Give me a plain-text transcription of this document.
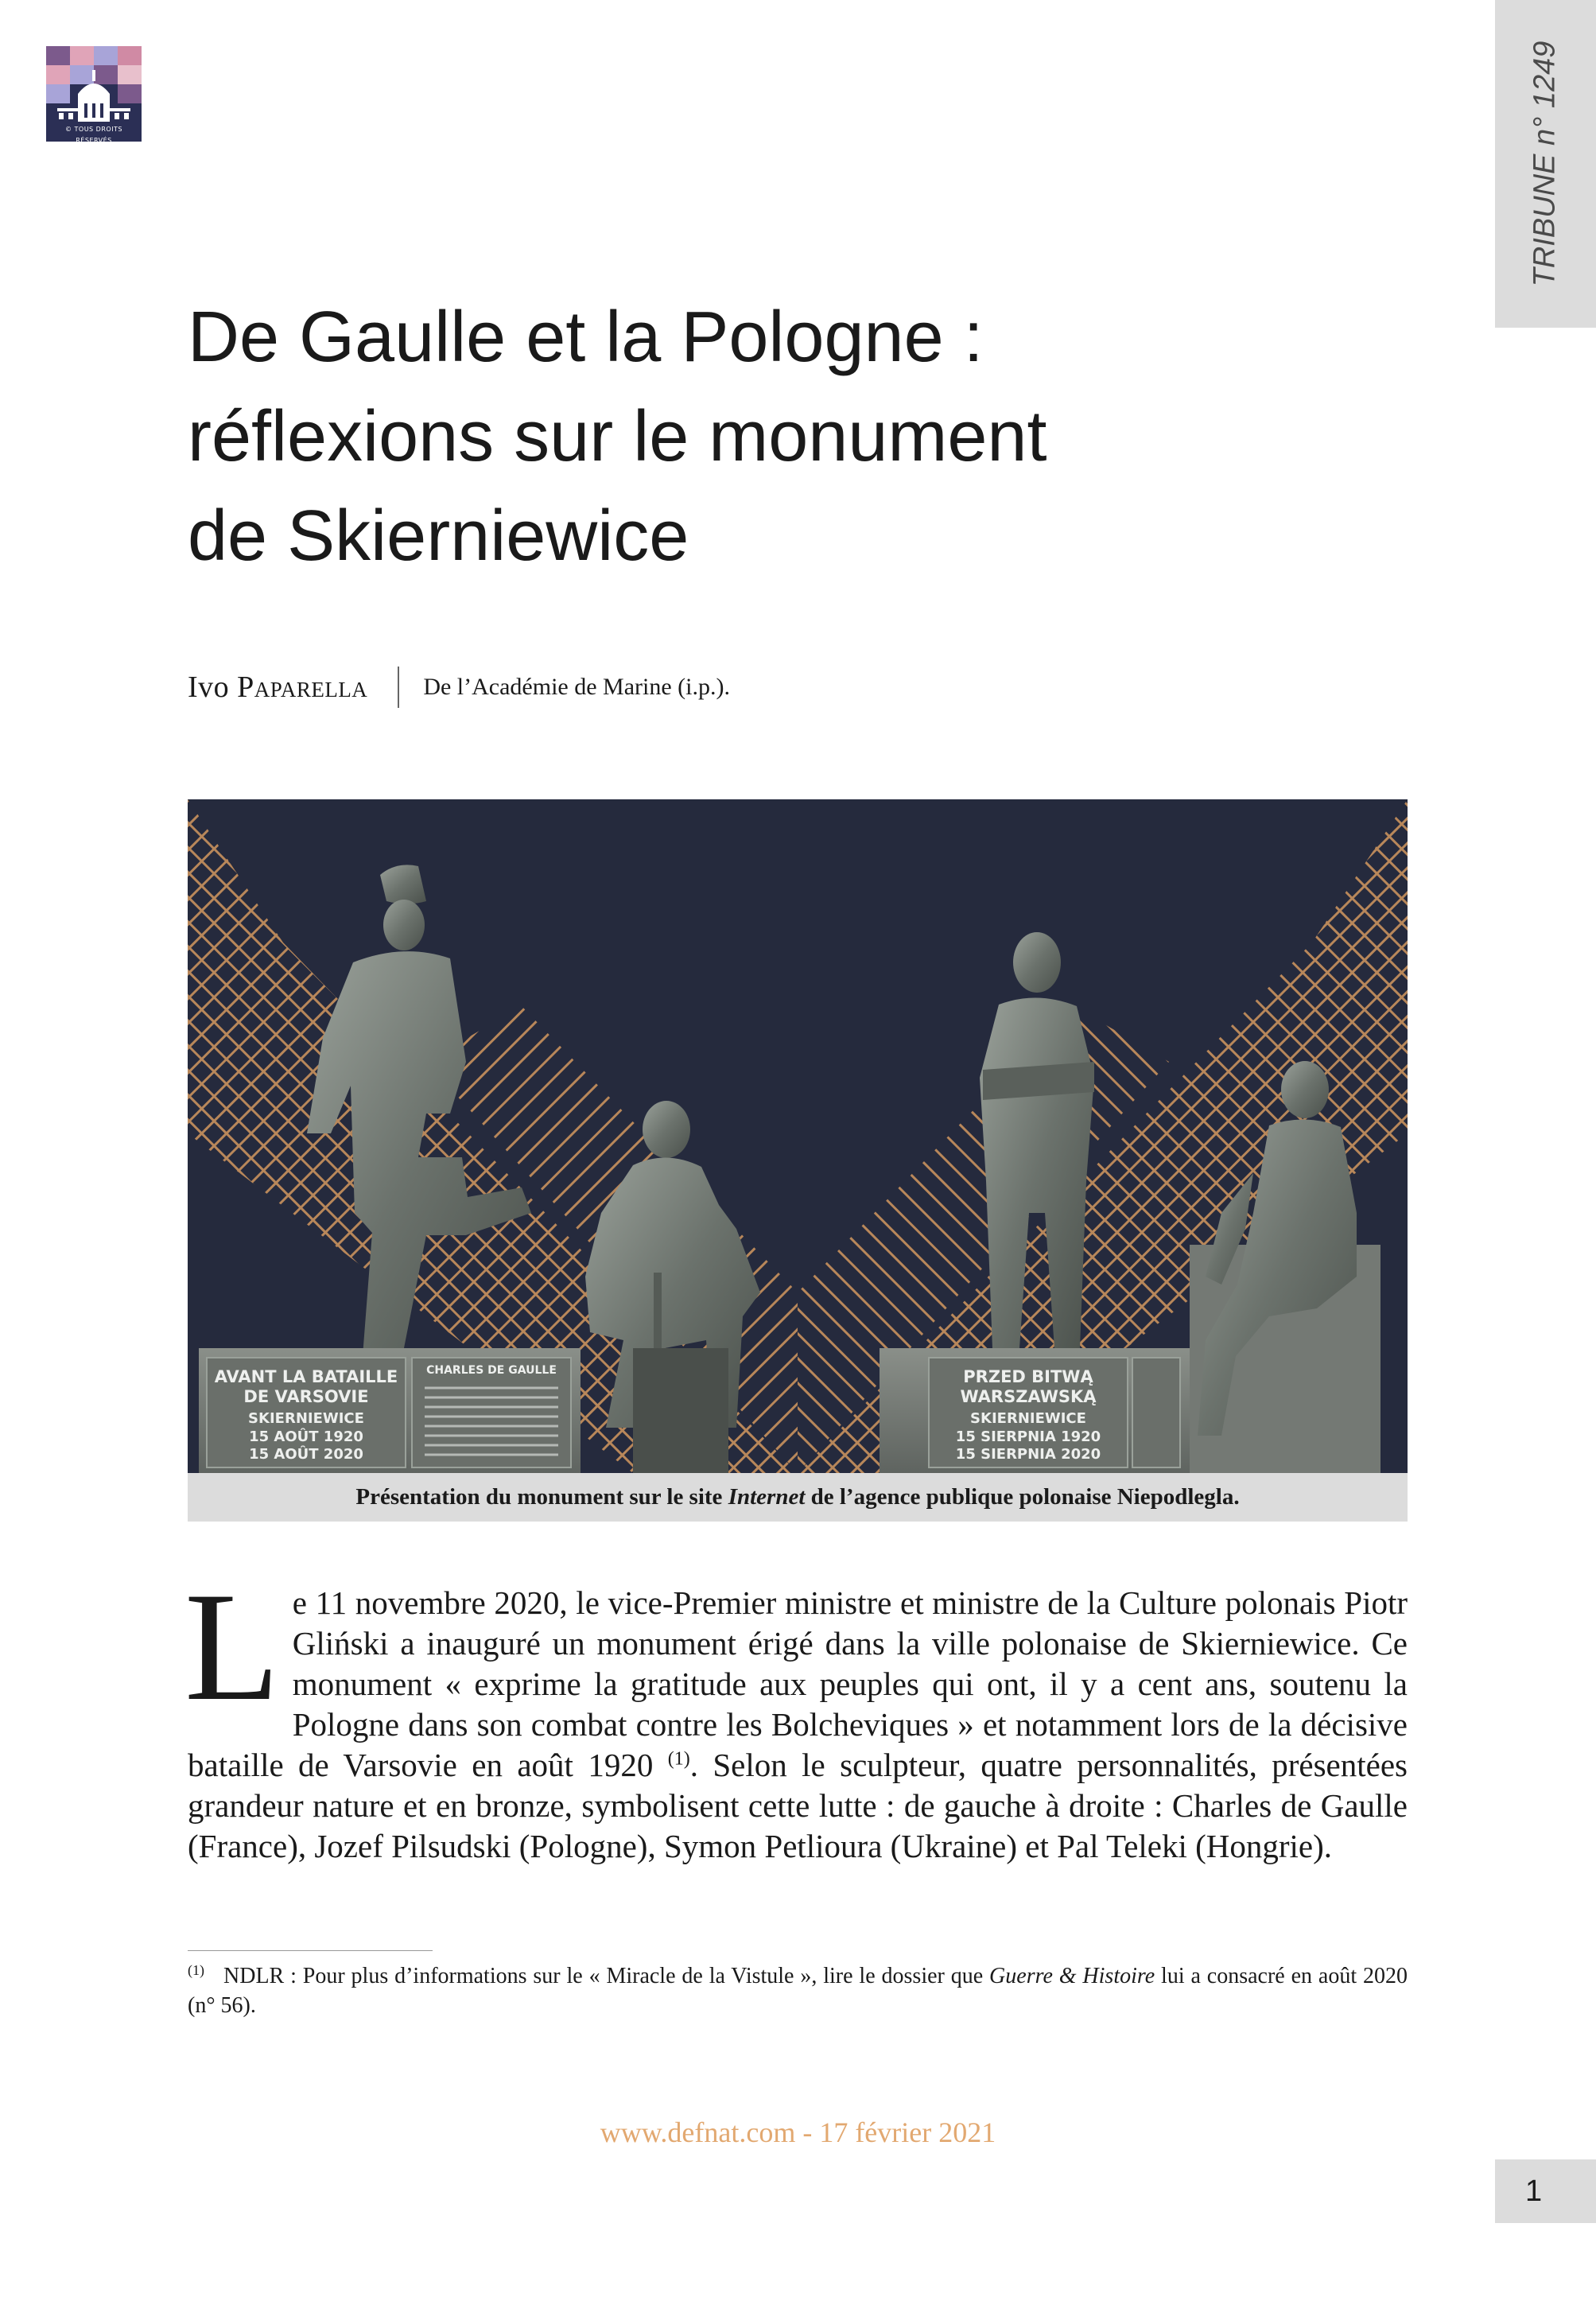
© TOUS DROITS RÉSERVÉS	TRIBUNE n° 1249
De Gaulle et la Pologne :
réflexions sur le monument
de Skierniewice
Ivo Paparella De l’Académie de Marine (i.p.).
AVANT LA BATAILLE
DE VARSOVIE
SKIERNIEWICE
15 AOÛT 1920
15 AOÛT 2020
CHARLES DE GAULLE	PRZED BITWĄ
WARSZAWSKĄ
SKIERNIEWICE
15 SIERPNIA 1920
15 SIERPNIA 2020
Présentation du monument sur le site Internet de l’agence publique polonaise Niepodlegla.

Le 11 novembre 2020, le vice-Premier ministre et ministre de la Culture polonais Piotr Gliński a inauguré un monument érigé dans la ville polonaise de Skierniewice. Ce monument « exprime la gratitude aux peuples qui ont, il y a cent ans, soutenu la Pologne dans son combat contre les Bolcheviques » et notamment lors de la décisive bataille de Varsovie en août 1920 $^{(1)}$. Selon le sculpteur, quatre personnalités, présentées grandeur nature et en bronze, symbolisent cette lutte : de gauche à droite : Charles de Gaulle (France), Jozef Pilsudski (Pologne), Symon Petlioura (Ukraine) et Pal Teleki (Hongrie).

$^{(1)}$ NDLR : Pour plus d’informations sur le « Miracle de la Vistule », lire le dossier que Guerre & Histoire lui a consacré en août 2020 (n° 56).

www.defnat.com - 17 février 2021
1
